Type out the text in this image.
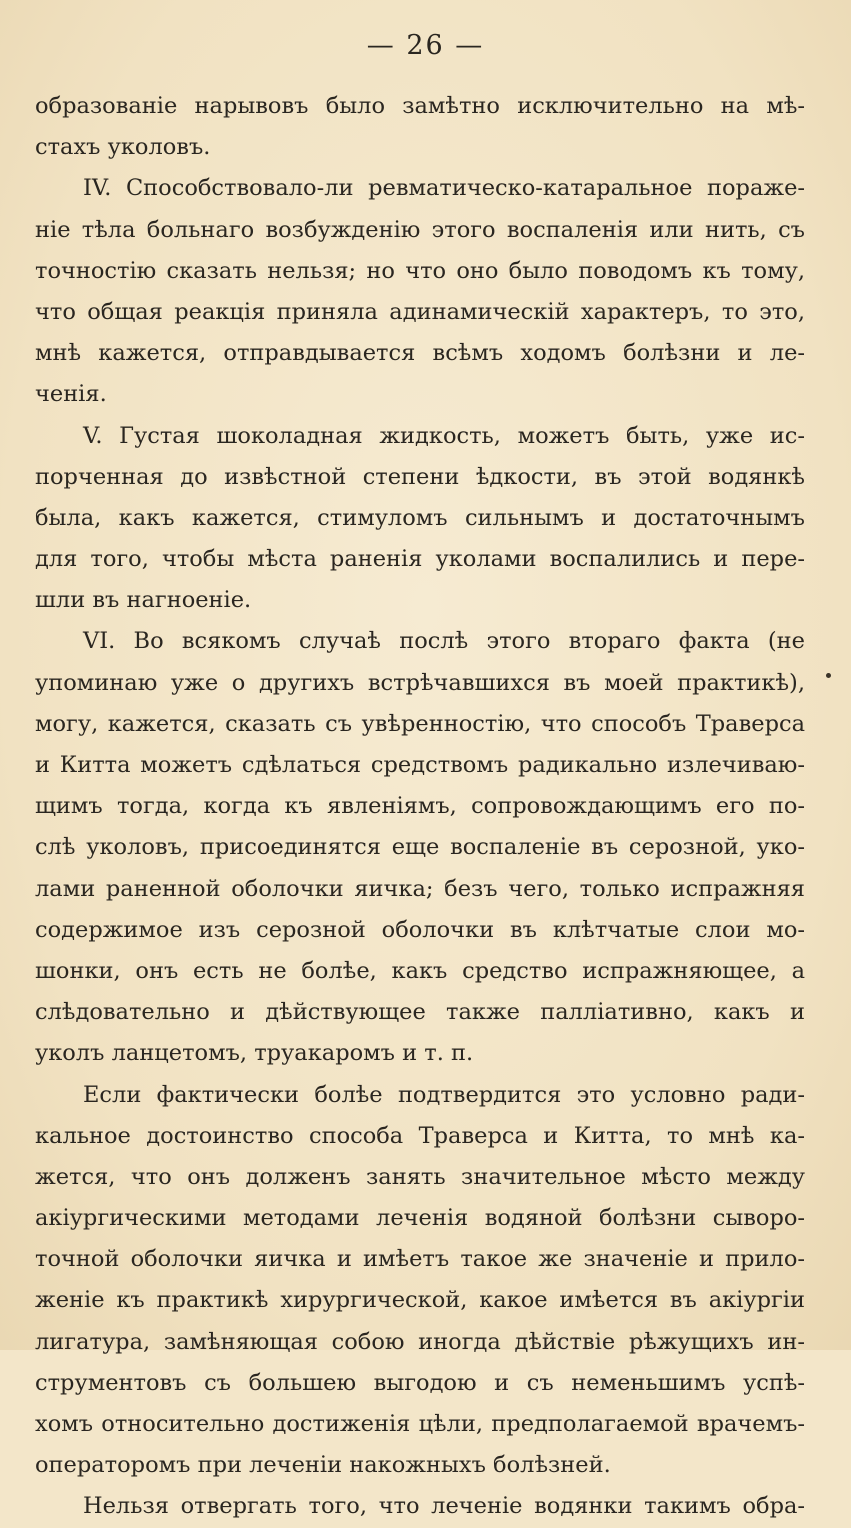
— 26 —
образованіе нарывовъ было замѣтно исключительно на мѣ-
стахъ уколовъ.
IV. Способствовало-ли ревматическо-катаральное пораже-
ніе тѣла больнаго возбужденію этого воспаленія или нить, съ
точностію сказать нельзя; но что оно было поводомъ къ тому,
что общая реакція приняла адинамическій характеръ, то это,
мнѣ кажется, отправдывается всѣмъ ходомъ болѣзни и ле-
ченія.
V. Густая шоколадная жидкость, можетъ быть, уже ис-
порченная до извѣстной степени ѣдкости, въ этой водянкѣ
была, какъ кажется, стимуломъ сильнымъ и достаточнымъ
для того, чтобы мѣста раненія уколами воспалились и пере-
шли въ нагноеніе.
VI. Во всякомъ случаѣ послѣ этого втораго факта (не
упоминаю уже о другихъ встрѣчавшихся въ моей практикѣ),
могу, кажется, сказать съ увѣренностію, что способъ Траверса
и Китта можетъ сдѣлаться средствомъ радикально излечиваю-
щимъ тогда, когда къ явленіямъ, сопровождающимъ его по-
слѣ уколовъ, присоединятся еще воспаленіе въ серозной, уко-
лами раненной оболочки яичка; безъ чего, только испражняя
содержимое изъ серозной оболочки въ клѣтчатые слои мо-
шонки, онъ есть не болѣе, какъ средство испражняющее, а
слѣдовательно и дѣйствующее также палліативно, какъ и
уколъ ланцетомъ, труакаромъ и т. п.
Если фактически болѣе подтвердится это условно ради-
кальное достоинство способа Траверса и Китта, то мнѣ ка-
жется, что онъ долженъ занять значительное мѣсто между
акіургическими методами леченія водяной болѣзни сыворо-
точной оболочки яичка и имѣетъ такое же значеніе и прило-
женіе къ практикѣ хирургической, какое имѣется въ акіургіи
лигатура, замѣняющая собою иногда дѣйствіе рѣжущихъ ин-
струментовъ съ большею выгодою и съ неменьшимъ успѣ-
хомъ относительно достиженія цѣли, предполагаемой врачемъ-
операторомъ при леченіи накожныхъ болѣзней.
Нельзя отвергать того, что леченіе водянки такимъ обра-
